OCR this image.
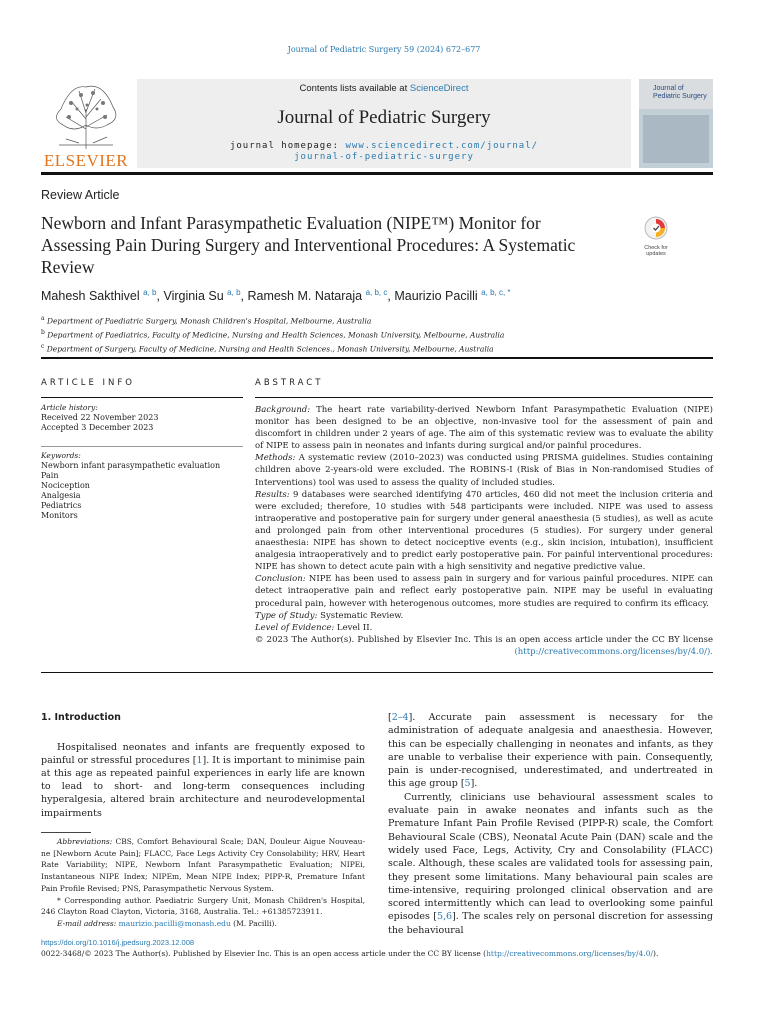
Journal of Pediatric Surgery 59 (2024) 672–677
ELSEVIER
Contents lists available at ScienceDirect
Journal of Pediatric Surgery
journal homepage: www.sciencedirect.com/journal/
journal-of-pediatric-surgery
Journal of
Pediatric Surgery
Review Article
Newborn and Infant Parasympathetic Evaluation (NIPE™) Monitor for Assessing Pain During Surgery and Interventional Procedures: A Systematic Review
Check for
updates
Mahesh Sakthivel $^{a, b}$, Virginia Su $^{a, b}$, Ramesh M. Nataraja $^{a, b, c}$, Maurizio Pacilli $^{a, b, c, *}$
$^a$ Department of Paediatric Surgery, Monash Children's Hospital, Melbourne, Australia
$^b$ Department of Paediatrics, Faculty of Medicine, Nursing and Health Sciences, Monash University, Melbourne, Australia
$^c$ Department of Surgery, Faculty of Medicine, Nursing and Health Sciences., Monash University, Melbourne, Australia
ARTICLE INFO
Article history:
Received 22 November 2023
Accepted 3 December 2023
Keywords:
Newborn infant parasympathetic evaluation
Pain
Nociception
Analgesia
Pediatrics
Monitors
ABSTRACT

Background: The heart rate variability-derived Newborn Infant Parasympathetic Evaluation (NIPE) monitor has been designed to be an objective, non-invasive tool for the assessment of pain and discomfort in children under 2 years of age. The aim of this systematic review was to evaluate the ability of NIPE to assess pain in neonates and infants during surgical and/or painful procedures.

Methods: A systematic review (2010–2023) was conducted using PRISMA guidelines. Studies containing children above 2-years-old were excluded. The ROBINS-I (Risk of Bias in Non-randomised Studies of Interventions) tool was used to assess the quality of included studies.

Results: 9 databases were searched identifying 470 articles, 460 did not meet the inclusion criteria and were excluded; therefore, 10 studies with 548 participants were included. NIPE was used to assess intraoperative and postoperative pain for surgery under general anaesthesia (5 studies), as well as acute and prolonged pain from other interventional procedures (5 studies). For surgery under general anaesthesia: NIPE has shown to detect nociceptive events (e.g., skin incision, intubation), insufficient analgesia intraoperatively and to predict early postoperative pain. For painful interventional procedures: NIPE has shown to detect acute pain with a high sensitivity and negative predictive value.

Conclusion: NIPE has been used to assess pain in surgery and for various painful procedures. NIPE can detect intraoperative pain and reflect early postoperative pain. NIPE may be useful in evaluating procedural pain, however with heterogenous outcomes, more studies are required to confirm its efficacy.

Type of Study: Systematic Review.

Level of Evidence: Level II.

© 2023 The Author(s). Published by Elsevier Inc. This is an open access article under the CC BY license (http://creativecommons.org/licenses/by/4.0/).

1. Introduction

Hospitalised neonates and infants are frequently exposed to painful or stressful procedures [1]. It is important to minimise pain at this age as repeated painful experiences in early life are known to lead to short- and long-term consequences including hyperalgesia, altered brain architecture and neurodevelopmental impairments

[2–4]. Accurate pain assessment is necessary for the administration of adequate analgesia and anaesthesia. However, this can be especially challenging in neonates and infants, as they are unable to verbalise their experience with pain. Consequently, pain is under-recognised, underestimated, and undertreated in this age group [5].

Currently, clinicians use behavioural assessment scales to evaluate pain in awake neonates and infants such as the Premature Infant Pain Profile Revised (PIPP-R) scale, the Comfort Behavioural Scale (CBS), Neonatal Acute Pain (DAN) scale and the widely used Face, Legs, Activity, Cry and Consolability (FLACC) scale. Although, these scales are validated tools for assessing pain, they present some limitations. Many behavioural pain scales are time-intensive, requiring prolonged clinical observation and are scored intermittently which can lead to overlooking some painful episodes [5,6]. The scales rely on personal discretion for assessing the behavioural

Abbreviations: CBS, Comfort Behavioural Scale; DAN, Douleur Aigue Nouveau-ne [Newborn Acute Pain]; FLACC, Face Legs Activity Cry Consolability; HRV, Heart Rate Variability; NIPE, Newborn Infant Parasympathetic Evaluation; NIPEi, Instantaneous NIPE Index; NIPEm, Mean NIPE Index; PIPP-R, Premature Infant Pain Profile Revised; PNS, Parasympathetic Nervous System.

* Corresponding author. Paediatric Surgery Unit, Monash Children's Hospital, 246 Clayton Road Clayton, Victoria, 3168, Australia. Tel.: +61385723911.

E-mail address: maurizio.pacilli@monash.edu (M. Pacilli).

https://doi.org/10.1016/j.jpedsurg.2023.12.008
0022-3468/© 2023 The Author(s). Published by Elsevier Inc. This is an open access article under the CC BY license (http://creativecommons.org/licenses/by/4.0/).
